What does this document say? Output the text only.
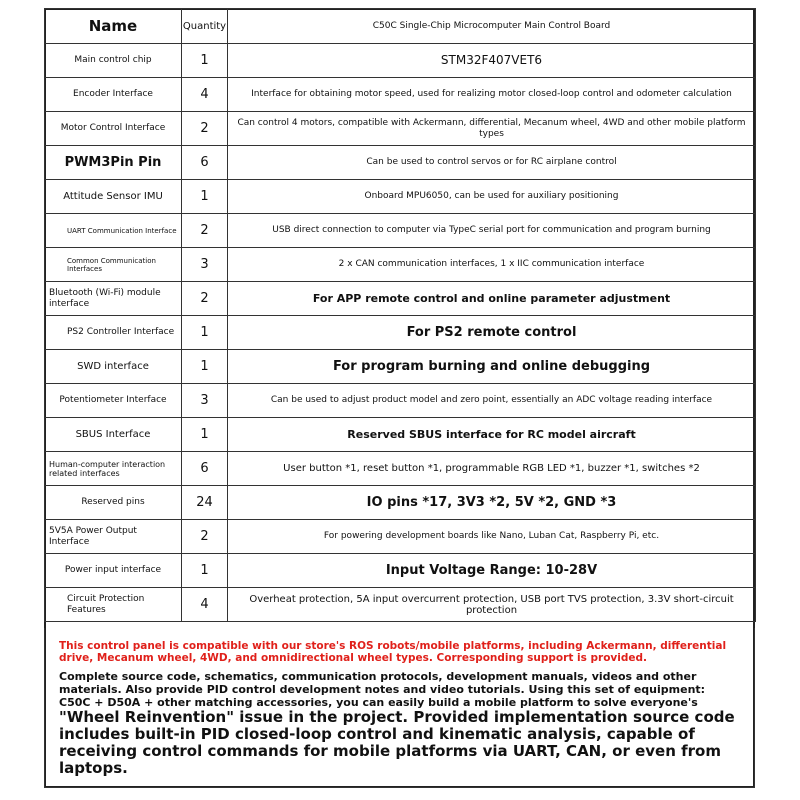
Name	Quantity	C50C Single-Chip Microcomputer Main Control Board
Main control chip	1	STM32F407VET6
Encoder Interface	4	Interface for obtaining motor speed, used for realizing motor closed-loop control and odometer calculation
Motor Control Interface	2	Can control 4 motors, compatible with Ackermann, differential, Mecanum wheel, 4WD and other mobile platform types
PWM3Pin Pin	6	Can be used to control servos or for RC airplane control
Attitude Sensor IMU	1	Onboard MPU6050, can be used for auxiliary positioning
UART Communication Interface	2	USB direct connection to computer via TypeC serial port for communication and program burning
Common Communication Interfaces	3	2 x CAN communication interfaces, 1 x IIC communication interface
Bluetooth (Wi-Fi) module interface	2	For APP remote control and online parameter adjustment
PS2 Controller Interface	1	For PS2 remote control
SWD interface	1	For program burning and online debugging
Potentiometer Interface	3	Can be used to adjust product model and zero point, essentially an ADC voltage reading interface
SBUS Interface	1	Reserved SBUS interface for RC model aircraft
Human-computer interaction related interfaces	6	User button *1, reset button *1, programmable RGB LED *1, buzzer *1, switches *2
Reserved pins	24	IO pins *17, 3V3 *2, 5V *2, GND *3
5V5A Power Output Interface	2	For powering development boards like Nano, Luban Cat, Raspberry Pi, etc.
Power input interface	1	Input Voltage Range: 10-28V
Circuit Protection Features	4	Overheat protection, 5A input overcurrent protection, USB port TVS protection, 3.3V short-circuit protection

This control panel is compatible with our store's ROS robots/mobile platforms, including Ackermann, differential drive, Mecanum wheel, 4WD, and omnidirectional wheel types. Corresponding support is provided.

Complete source code, schematics, communication protocols, development manuals, videos and other materials. Also provide PID control development notes and video tutorials. Using this set of equipment: C50C + D50A + other matching accessories, you can easily build a mobile platform to solve everyone's

"Wheel Reinvention" issue in the project. Provided implementation source code includes built-in PID closed-loop control and kinematic analysis, capable of receiving control commands for mobile platforms via UART, CAN, or even from laptops.
